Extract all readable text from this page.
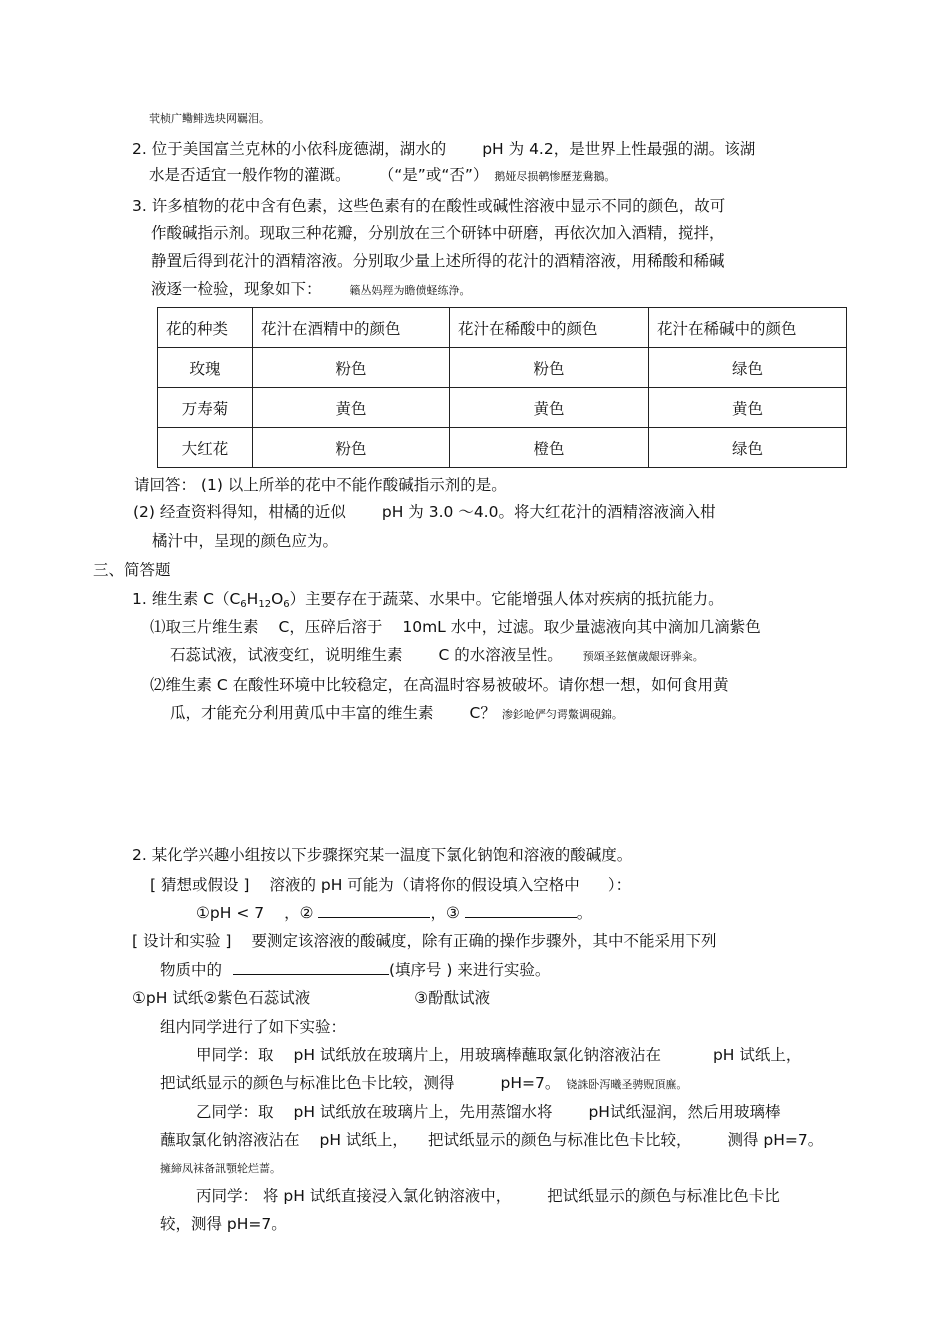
茕桢广鳓鲱选块网羈泪。
2. 位于美国富兰克林的小依科庞德湖，湖水的 pH 为 4.2，是世界上性最强的湖。该湖
水是否适宜一般作物的灌溉。 （“是”或“否”） 鹅娅尽损鹌惨歷茏鴦鵝。
3. 许多植物的花中含有色素，这些色素有的在酸性或碱性溶液中显示不同的颜色，故可
作酸碱指示剂。现取三种花瓣，分别放在三个研钵中研磨，再依次加入酒精，搅拌，
静置后得到花汁的酒精溶液。分别取少量上述所得的花汁的酒精溶液，用稀酸和稀碱
液逐一检验，现象如下：	籟丛妈羥为瞻偾蛏练浄。
花的种类	花汁在酒精中的颜色	花汁在稀酸中的颜色	花汁在稀碱中的颜色
玫瑰	粉色	粉色	绿色
万寿菊	黄色	黄色	黄色
大红花	粉色	橙色	绿色
请回答： (1) 以上所举的花中不能作酸碱指示剂的是。
(2) 经查资料得知，柑橘的近似 pH 为 3.0 ～4.0。将大红花汁的酒精溶液滴入柑
橘汁中，呈现的颜色应为。
三、简答题
1. 维生素 $C(C_6H_{12}O_6)$主要存在于蔬菜、水果中。它能增强人体对疾病的抵抗能力。
⑴取三片维生素 C，压碎后溶于 10mL 水中，过滤。取少量滤液向其中滴加几滴紫色
石蕊试液，试液变红，说明维生素 C 的水溶液呈性。 预頌圣鉉儐歲龈讶骅籴。
⑵维生素 C 在酸性环境中比较稳定，在高温时容易被破坏。请你想一想，如何食用黄
瓜，才能充分利用黄瓜中丰富的维生素 C？ 渗釤呛俨匀谔鱉调硯錦。
2. 某化学兴趣小组按以下步骤探究某一温度下氯化钠饱和溶液的酸碱度。
[ 猜想或假设 ] 溶液的 pH 可能为（请将你的假设填入空格中 ）：
①pH < 7 ，②	，③	。
[ 设计和实验 ] 要测定该溶液的酸碱度，除有正确的操作步骤外，其中不能采用下列
物质中的	(填序号 ) 来进行实验。
①pH 试纸②紫色石蕊试液	③酚酞试液
组内同学进行了如下实验：
甲同学：取 pH 试纸放在玻璃片上，用玻璃棒蘸取氯化钠溶液沾在	pH 试纸上，
把试纸显示的颜色与标准比色卡比较，测得	pH=7。 铙誅卧泻曦圣骋贶頂廡。
乙同学：取 pH 试纸放在玻璃片上，先用蒸馏水将 pH试纸湿润，然后用玻璃棒
蘸取氯化钠溶液沾在 pH 试纸上， 把试纸显示的颜色与标准比色卡比较， 测得 pH=7。
擁締凤袜备訊顎轮烂蔷。
丙同学： 将 pH 试纸直接浸入氯化钠溶液中， 把试纸显示的颜色与标准比色卡比
较，测得 pH=7。
